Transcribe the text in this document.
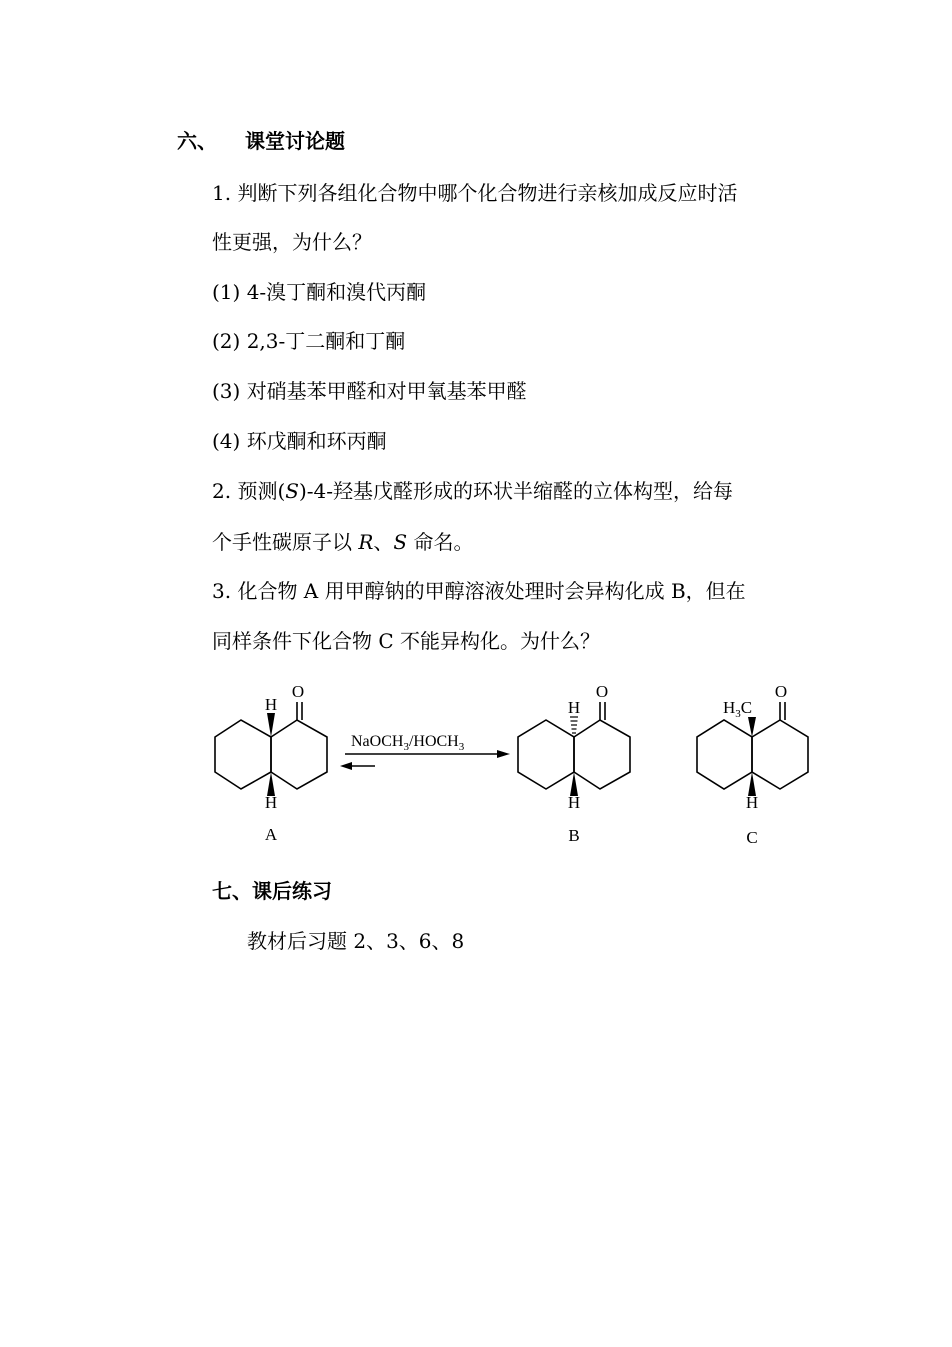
六、 课堂讨论题
1. 判断下列各组化合物中哪个化合物进行亲核加成反应时活
性更强，为什么？
(1) 4-溴丁酮和溴代丙酮
(2) 2,3-丁二酮和丁酮
(3) 对硝基苯甲醛和对甲氧基苯甲醛
(4) 环戊酮和环丙酮
2. 预测(S)-4-羟基戊醛形成的环状半缩醛的立体构型，给每
个手性碳原子以 R、S 命名。
3. 化合物 A 用甲醇钠的甲醇溶液处理时会异构化成 B，但在
同样条件下化合物 C 不能异构化。为什么？
O
H
H
A
$NaOCH_3/HOCH_3$
O
H
H
B
O
$H_3C$
H
C
七、课后练习
教材后习题 2、3、6、8
